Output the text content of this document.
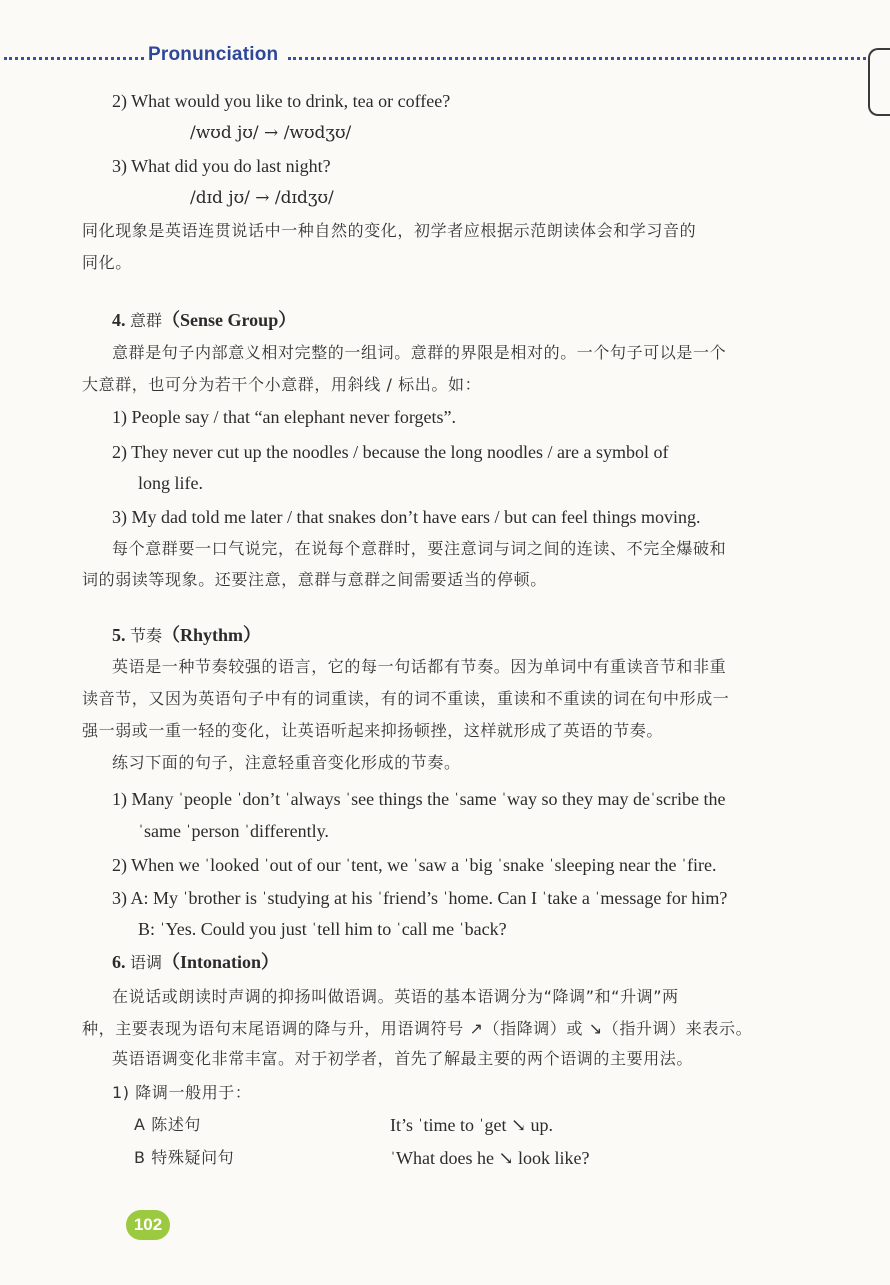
Pronunciation
2) What would you like to drink, tea or coffee?
/wʊd jʊ/ → /wʊdʒʊ/
3) What did you do last night?
/dɪd jʊ/ → /dɪdʒʊ/
同化现象是英语连贯说话中一种自然的变化，初学者应根据示范朗读体会和学习音的
同化。
4. 意群（Sense Group）
意群是句子内部意义相对完整的一组词。意群的界限是相对的。一个句子可以是一个
大意群，也可分为若干个小意群，用斜线 / 标出。如：
1) People say / that “an elephant never forgets”.
2) They never cut up the noodles / because the long noodles / are a symbol of
long life.
3) My dad told me later / that snakes don’t have ears / but can feel things moving.
每个意群要一口气说完，在说每个意群时，要注意词与词之间的连读、不完全爆破和
词的弱读等现象。还要注意，意群与意群之间需要适当的停顿。
5. 节奏（Rhythm）
英语是一种节奏较强的语言，它的每一句话都有节奏。因为单词中有重读音节和非重
读音节，又因为英语句子中有的词重读，有的词不重读，重读和不重读的词在句中形成一
强一弱或一重一轻的变化，让英语听起来抑扬顿挫，这样就形成了英语的节奏。
练习下面的句子，注意轻重音变化形成的节奏。
1) Many ˈpeople ˈdon’t ˈalways ˈsee things the ˈsame ˈway so they may deˈscribe the
ˈsame ˈperson ˈdifferently.
2) When we ˈlooked ˈout of our ˈtent, we ˈsaw a ˈbig ˈsnake ˈsleeping near the ˈfire.
3) A: My ˈbrother is ˈstudying at his ˈfriend’s ˈhome. Can I ˈtake a ˈmessage for him?
B: ˈYes. Could you just ˈtell him to ˈcall me ˈback?
6. 语调（Intonation）
在说话或朗读时声调的抑扬叫做语调。英语的基本语调分为“降调”和“升调”两
种，主要表现为语句末尾语调的降与升，用语调符号 ↗（指降调）或 ↘（指升调）来表示。
英语语调变化非常丰富。对于初学者，首先了解最主要的两个语调的主要用法。
1) 降调一般用于：
A 陈述句	It’s ˈtime to ˈget ↘ up.
B 特殊疑问句	ˈWhat does he ↘ look like?
102
